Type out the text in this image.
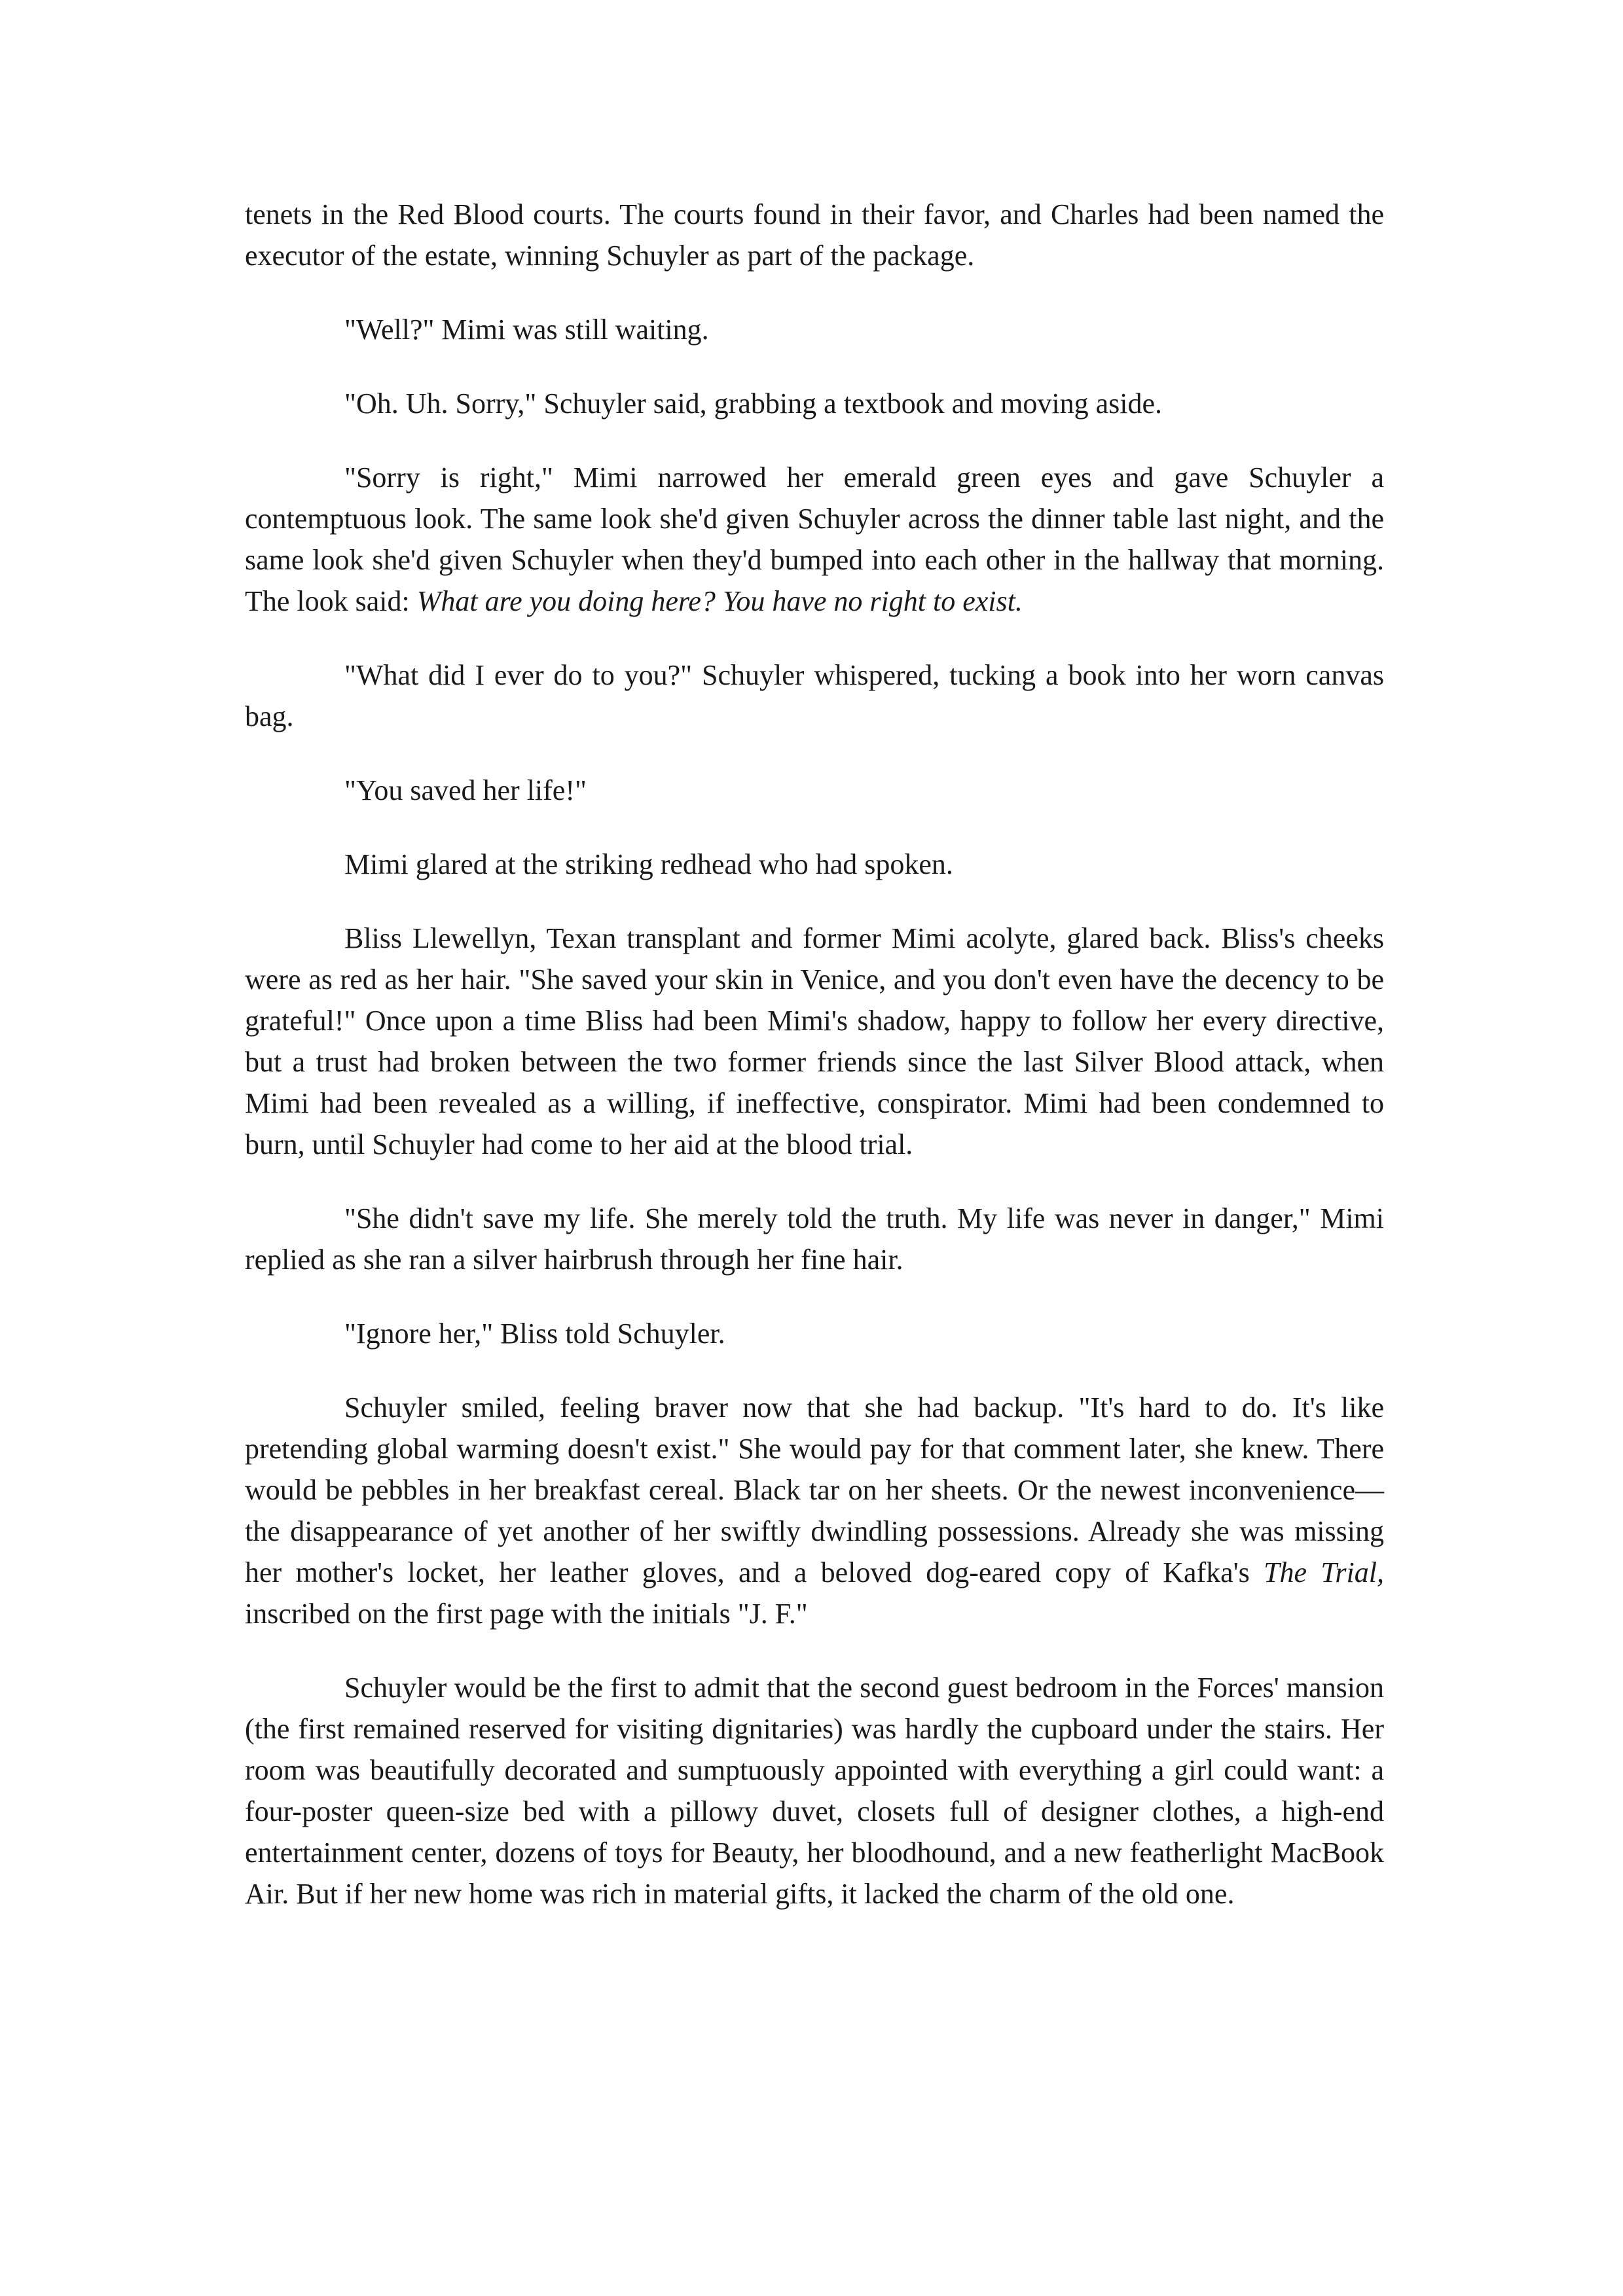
tenets in the Red Blood courts. The courts found in their favor, and Charles had been named the executor of the estate, winning Schuyler as part of the package.

"Well?" Mimi was still waiting.

"Oh. Uh. Sorry," Schuyler said, grabbing a textbook and moving aside.

"Sorry is right," Mimi narrowed her emerald green eyes and gave Schuyler a contemptuous look. The same look she'd given Schuyler across the dinner table last night, and the same look she'd given Schuyler when they'd bumped into each other in the hallway that morning. The look said: What are you doing here? You have no right to exist.

"What did I ever do to you?" Schuyler whispered, tucking a book into her worn canvas bag.

"You saved her life!"

Mimi glared at the striking redhead who had spoken.

Bliss Llewellyn, Texan transplant and former Mimi acolyte, glared back. Bliss's cheeks were as red as her hair. "She saved your skin in Venice, and you don't even have the decency to be grateful!" Once upon a time Bliss had been Mimi's shadow, happy to follow her every directive, but a trust had broken between the two former friends since the last Silver Blood attack, when Mimi had been revealed as a willing, if ineffective, conspirator. Mimi had been condemned to burn, until Schuyler had come to her aid at the blood trial.

"She didn't save my life. She merely told the truth. My life was never in danger," Mimi replied as she ran a silver hairbrush through her fine hair.

"Ignore her," Bliss told Schuyler.

Schuyler smiled, feeling braver now that she had backup. "It's hard to do. It's like pretending global warming doesn't exist." She would pay for that comment later, she knew. There would be pebbles in her breakfast cereal. Black tar on her sheets. Or the newest inconvenience—the disappearance of yet another of her swiftly dwindling possessions. Already she was missing her mother's locket, her leather gloves, and a beloved dog-eared copy of Kafka's The Trial, inscribed on the first page with the initials "J. F."

Schuyler would be the first to admit that the second guest bedroom in the Forces' mansion (the first remained reserved for visiting dignitaries) was hardly the cupboard under the stairs. Her room was beautifully decorated and sumptuously appointed with everything a girl could want: a four-poster queen-size bed with a pillowy duvet, closets full of designer clothes, a high-end entertainment center, dozens of toys for Beauty, her bloodhound, and a new featherlight MacBook Air. But if her new home was rich in material gifts, it lacked the charm of the old one.
